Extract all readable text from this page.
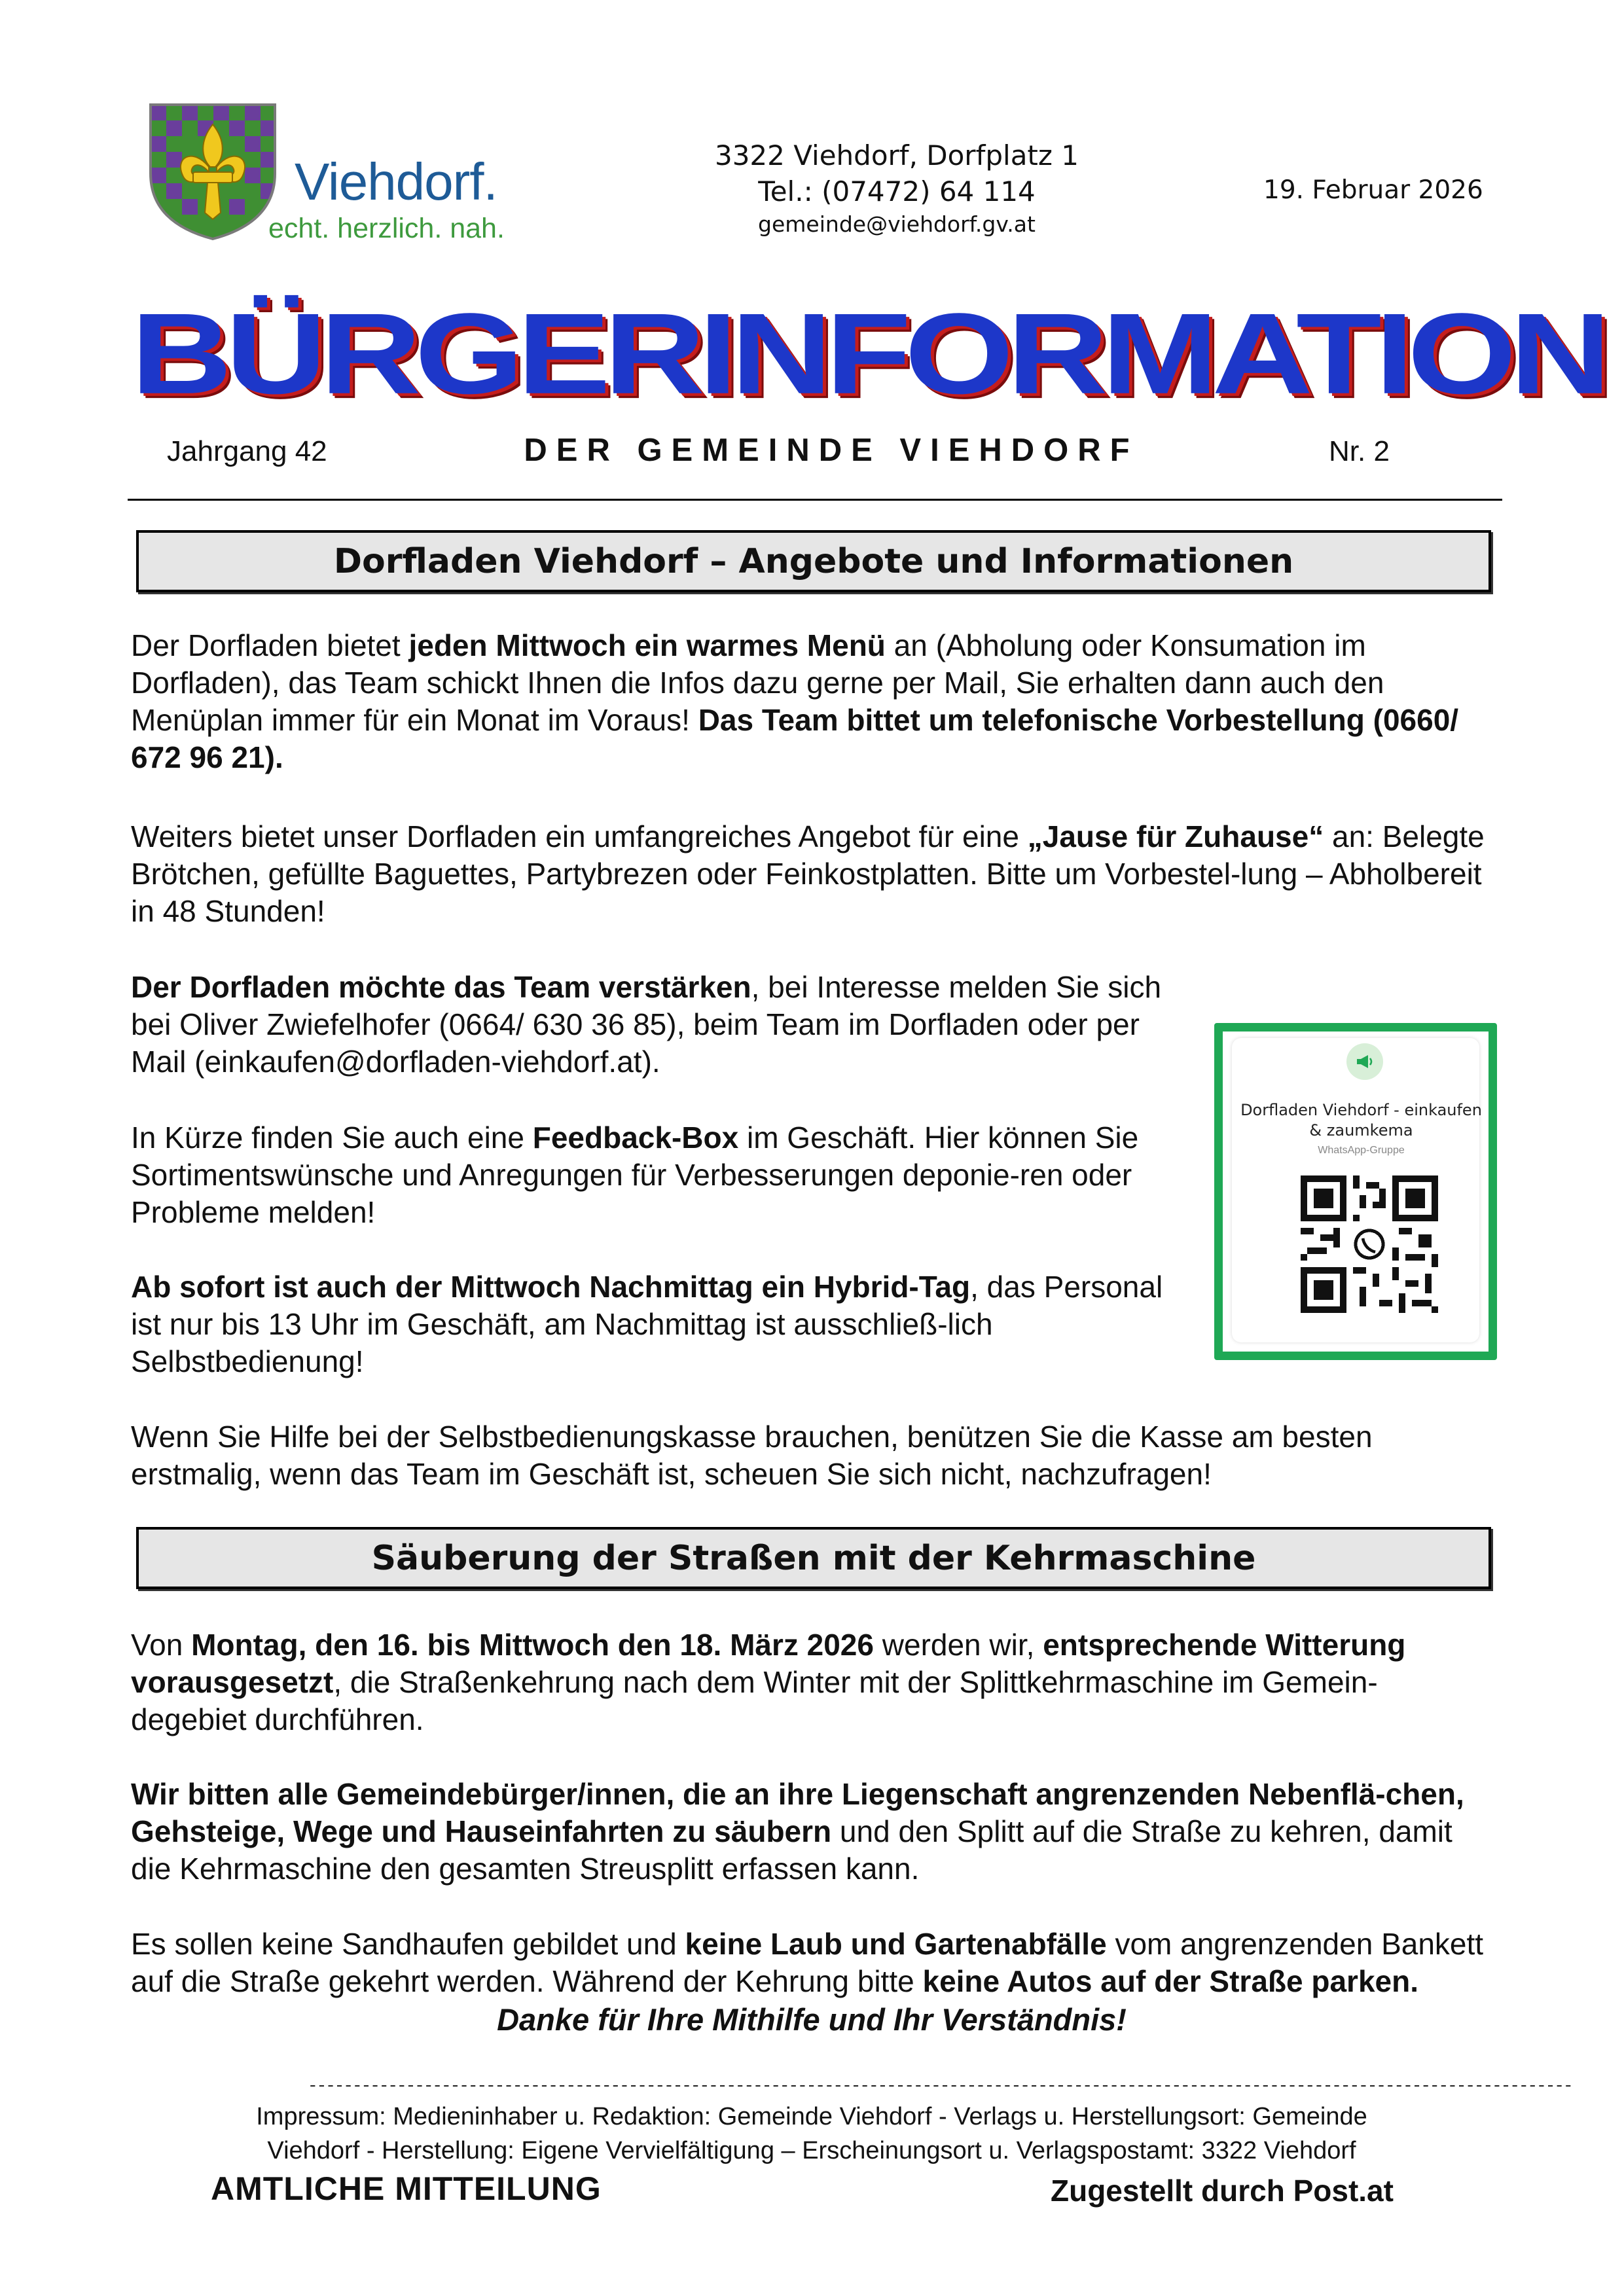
Viehdorf.
echt. herzlich. nah.
3322 Viehdorf, Dorfplatz 1
Tel.: (07472) 64 114
gemeinde@viehdorf.gv.at
19. Februar 2026
BÜRGERINFORMATION
Jahrgang 42	DER GEMEINDE VIEHDORF	Nr. 2
Dorfladen Viehdorf – Angebote und Informationen
Der Dorfladen bietet jeden Mittwoch ein warmes Menü an (Abholung oder Konsumation im Dorfladen), das Team schickt Ihnen die Infos dazu gerne per Mail, Sie erhalten dann auch den Menüplan immer für ein Monat im Voraus! Das Team bittet um telefonische Vorbestellung (0660/ 672 96 21).
Weiters bietet unser Dorfladen ein umfangreiches Angebot für eine „Jause für Zuhause“ an: Belegte Brötchen, gefüllte Baguettes, Partybrezen oder Feinkostplatten. Bitte um Vorbestel-lung – Abholbereit in 48 Stunden!
Der Dorfladen möchte das Team verstärken, bei Interesse melden Sie sich bei Oliver Zwiefelhofer (0664/ 630 36 85), beim Team im Dorfladen oder per Mail (einkaufen@dorfladen-viehdorf.at).
In Kürze finden Sie auch eine Feedback-Box im Geschäft. Hier können Sie Sortimentswünsche und Anregungen für Verbesserungen deponie-ren oder Probleme melden!
Ab sofort ist auch der Mittwoch Nachmittag ein Hybrid-Tag, das Personal ist nur bis 13 Uhr im Geschäft, am Nachmittag ist ausschließ-lich Selbstbedienung!
Wenn Sie Hilfe bei der Selbstbedienungskasse brauchen, benützen Sie die Kasse am besten erstmalig, wenn das Team im Geschäft ist, scheuen Sie sich nicht, nachzufragen!
Dorfladen Viehdorf - einkaufen & zaumkema
WhatsApp-Gruppe
Säuberung der Straßen mit der Kehrmaschine
Von Montag, den 16. bis Mittwoch den 18. März 2026 werden wir, entsprechende Witterung vorausgesetzt, die Straßenkehrung nach dem Winter mit der Splittkehrmaschine im Gemein-degebiet durchführen.
Wir bitten alle Gemeindebürger/innen, die an ihre Liegenschaft angrenzenden Nebenflä-chen, Gehsteige, Wege und Hauseinfahrten zu säubern und den Splitt auf die Straße zu kehren, damit die Kehrmaschine den gesamten Streusplitt erfassen kann.
Es sollen keine Sandhaufen gebildet und keine Laub und Gartenabfälle vom angrenzenden Bankett auf die Straße gekehrt werden. Während der Kehrung bitte keine Autos auf der Straße parken.
Danke für Ihre Mithilfe und Ihr Verständnis!
----------------------------------------------------------------------------------------------------------------------------------------------
Impressum: Medieninhaber u. Redaktion: Gemeinde Viehdorf - Verlags u. Herstellungsort: Gemeinde
Viehdorf - Herstellung: Eigene Vervielfältigung – Erscheinungsort u. Verlagspostamt: 3322 Viehdorf
AMTLICHE MITTEILUNG	Zugestellt durch Post.at
